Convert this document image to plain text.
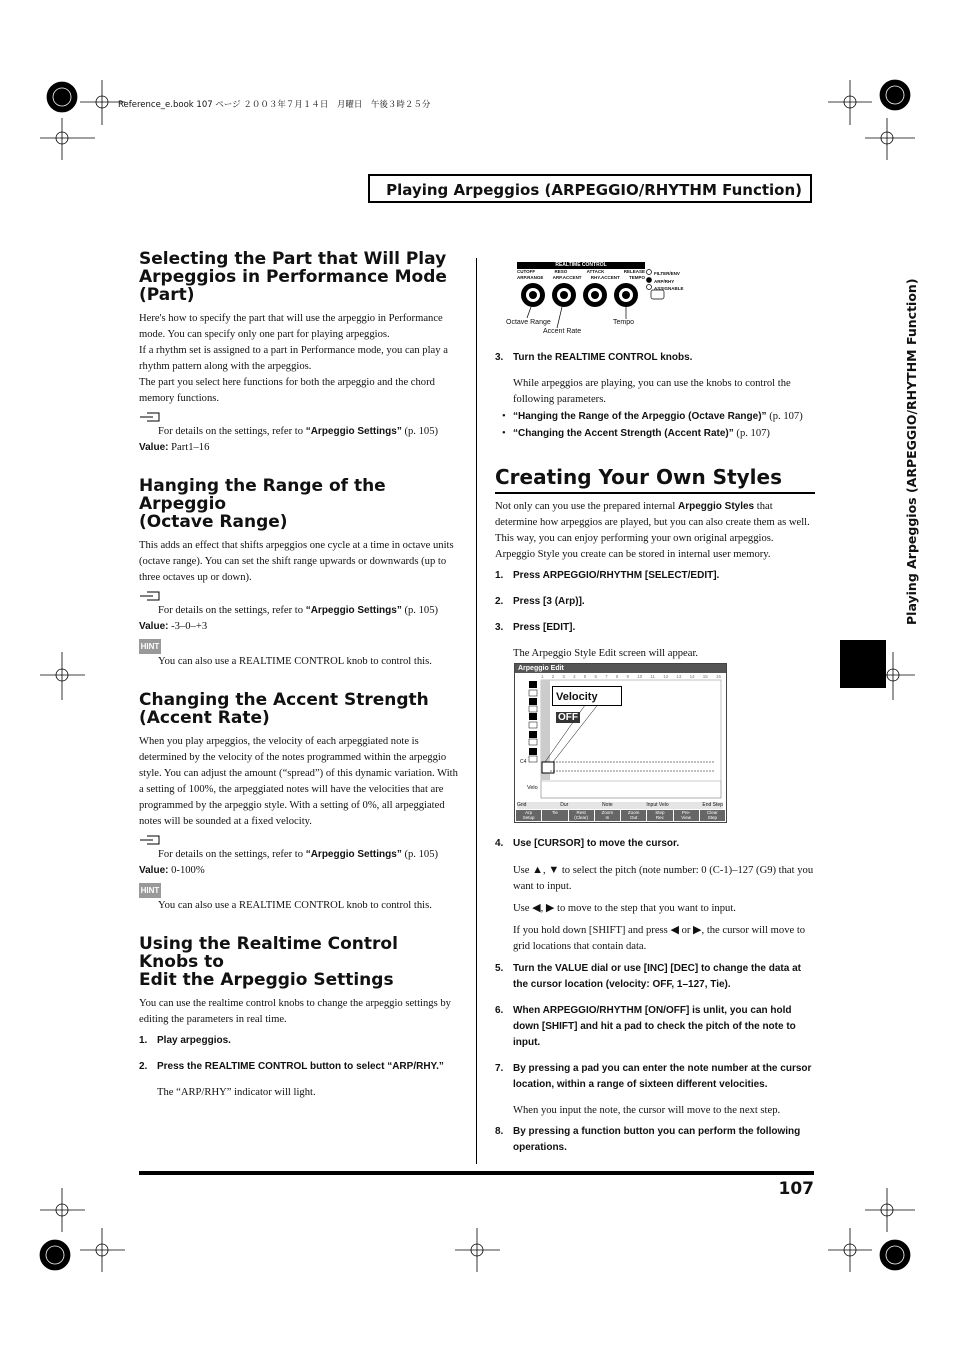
Reference_e.book 107 ページ ２００３年７月１４日　月曜日　午後３時２５分
Playing Arpeggios (ARPEGGIO/RHYTHM Function)
Playing Arpeggios (ARPEGGIO/RHYTHM Function)
Selecting the Part that Will Play
Arpeggios in Performance Mode (Part)

Here's how to specify the part that will use the arpeggio in Performance mode. You can specify only one part for playing arpeggios.

If a rhythm set is assigned to a part in Performance mode, you can play a rhythm pattern along with the arpeggios.

The part you select here functions for both the arpeggio and the chord memory functions.

For details on the settings, refer to “Arpeggio Settings” (p. 105)

Value: Part1–16

Hanging the Range of the Arpeggio
(Octave Range)

This adds an effect that shifts arpeggios one cycle at a time in octave units (octave range). You can set the shift range upwards or downwards (up to three octaves up or down).

For details on the settings, refer to “Arpeggio Settings” (p. 105)

Value: -3–0–+3

HINT

You can also use a REALTIME CONTROL knob to control this.

Changing the Accent Strength
(Accent Rate)

When you play arpeggios, the velocity of each arpeggiated note is determined by the velocity of the notes programmed within the arpeggio style. You can adjust the amount (“spread”) of this dynamic variation. With a setting of 100%, the arpeggiated notes will have the velocities that are programmed by the arpeggio style. With a setting of 0%, all arpeggiated notes will be sounded at a fixed velocity.

For details on the settings, refer to “Arpeggio Settings” (p. 105)

Value: 0-100%

HINT

You can also use a REALTIME CONTROL knob to control this.

Using the Realtime Control Knobs to
Edit the Arpeggio Settings

You can use the realtime control knobs to change the arpeggio settings by editing the parameters in real time.

1. Play arpeggios.

2. Press the REALTIME CONTROL button to select “ARP/RHY.”

The “ARP/RHY” indicator will light.

REALTIME CONTROL
CUTOFF	RESO	ATTACK	RELEASE
ARP.RANGE ARP.ACCENT RHY.ACCENT TEMPO
FILTER/ENV
ARP/RHY
ASSIGNABLE
Octave Range
Accent Rate
Tempo

3. Turn the REALTIME CONTROL knobs.

While arpeggios are playing, you can use the knobs to control the following parameters.

• “Hanging the Range of the Arpeggio (Octave Range)” (p. 107)

• “Changing the Accent Strength (Accent Rate)” (p. 107)

Creating Your Own Styles

Not only can you use the prepared internal Arpeggio Styles that determine how arpeggios are played, but you can also create them as well. This way, you can enjoy performing your own original arpeggios.

Arpeggio Style you create can be stored in internal user memory.

1. Press ARPEGGIO/RHYTHM [SELECT/EDIT].

2. Press [3 (Arp)].

3. Press [EDIT].

The Arpeggio Style Edit screen will appear.

Arpeggio Edit
1 2 3 4 5 6 7 8 9 10 11 12 13 14 15 16
Velocity OFF
C4
Velo
Grid	Dur	Note	Input Velo	End Step
Arp
Setup
Tie	Rest
(Clear)
Zoom
In
Zoom
Out
Step
Rec
Pre-
View
Clear
Step

4. Use [CURSOR] to move the cursor.

Use ▲, ▼ to select the pitch (note number: 0 (C-1)–127 (G9) that you want to input.

Use ◀, ▶ to move to the step that you want to input.

If you hold down [SHIFT] and press ◀ or ▶, the cursor will move to grid locations that contain data.

5. Turn the VALUE dial or use [INC] [DEC] to change the data at the cursor location (velocity: OFF, 1–127, Tie).

6. When ARPEGGIO/RHYTHM [ON/OFF] is unlit, you can hold down [SHIFT] and hit a pad to check the pitch of the note to input.

7. By pressing a pad you can enter the note number at the cursor location, within a range of sixteen different velocities.

When you input the note, the cursor will move to the next step.

8. By pressing a function button you can perform the following operations.

107
